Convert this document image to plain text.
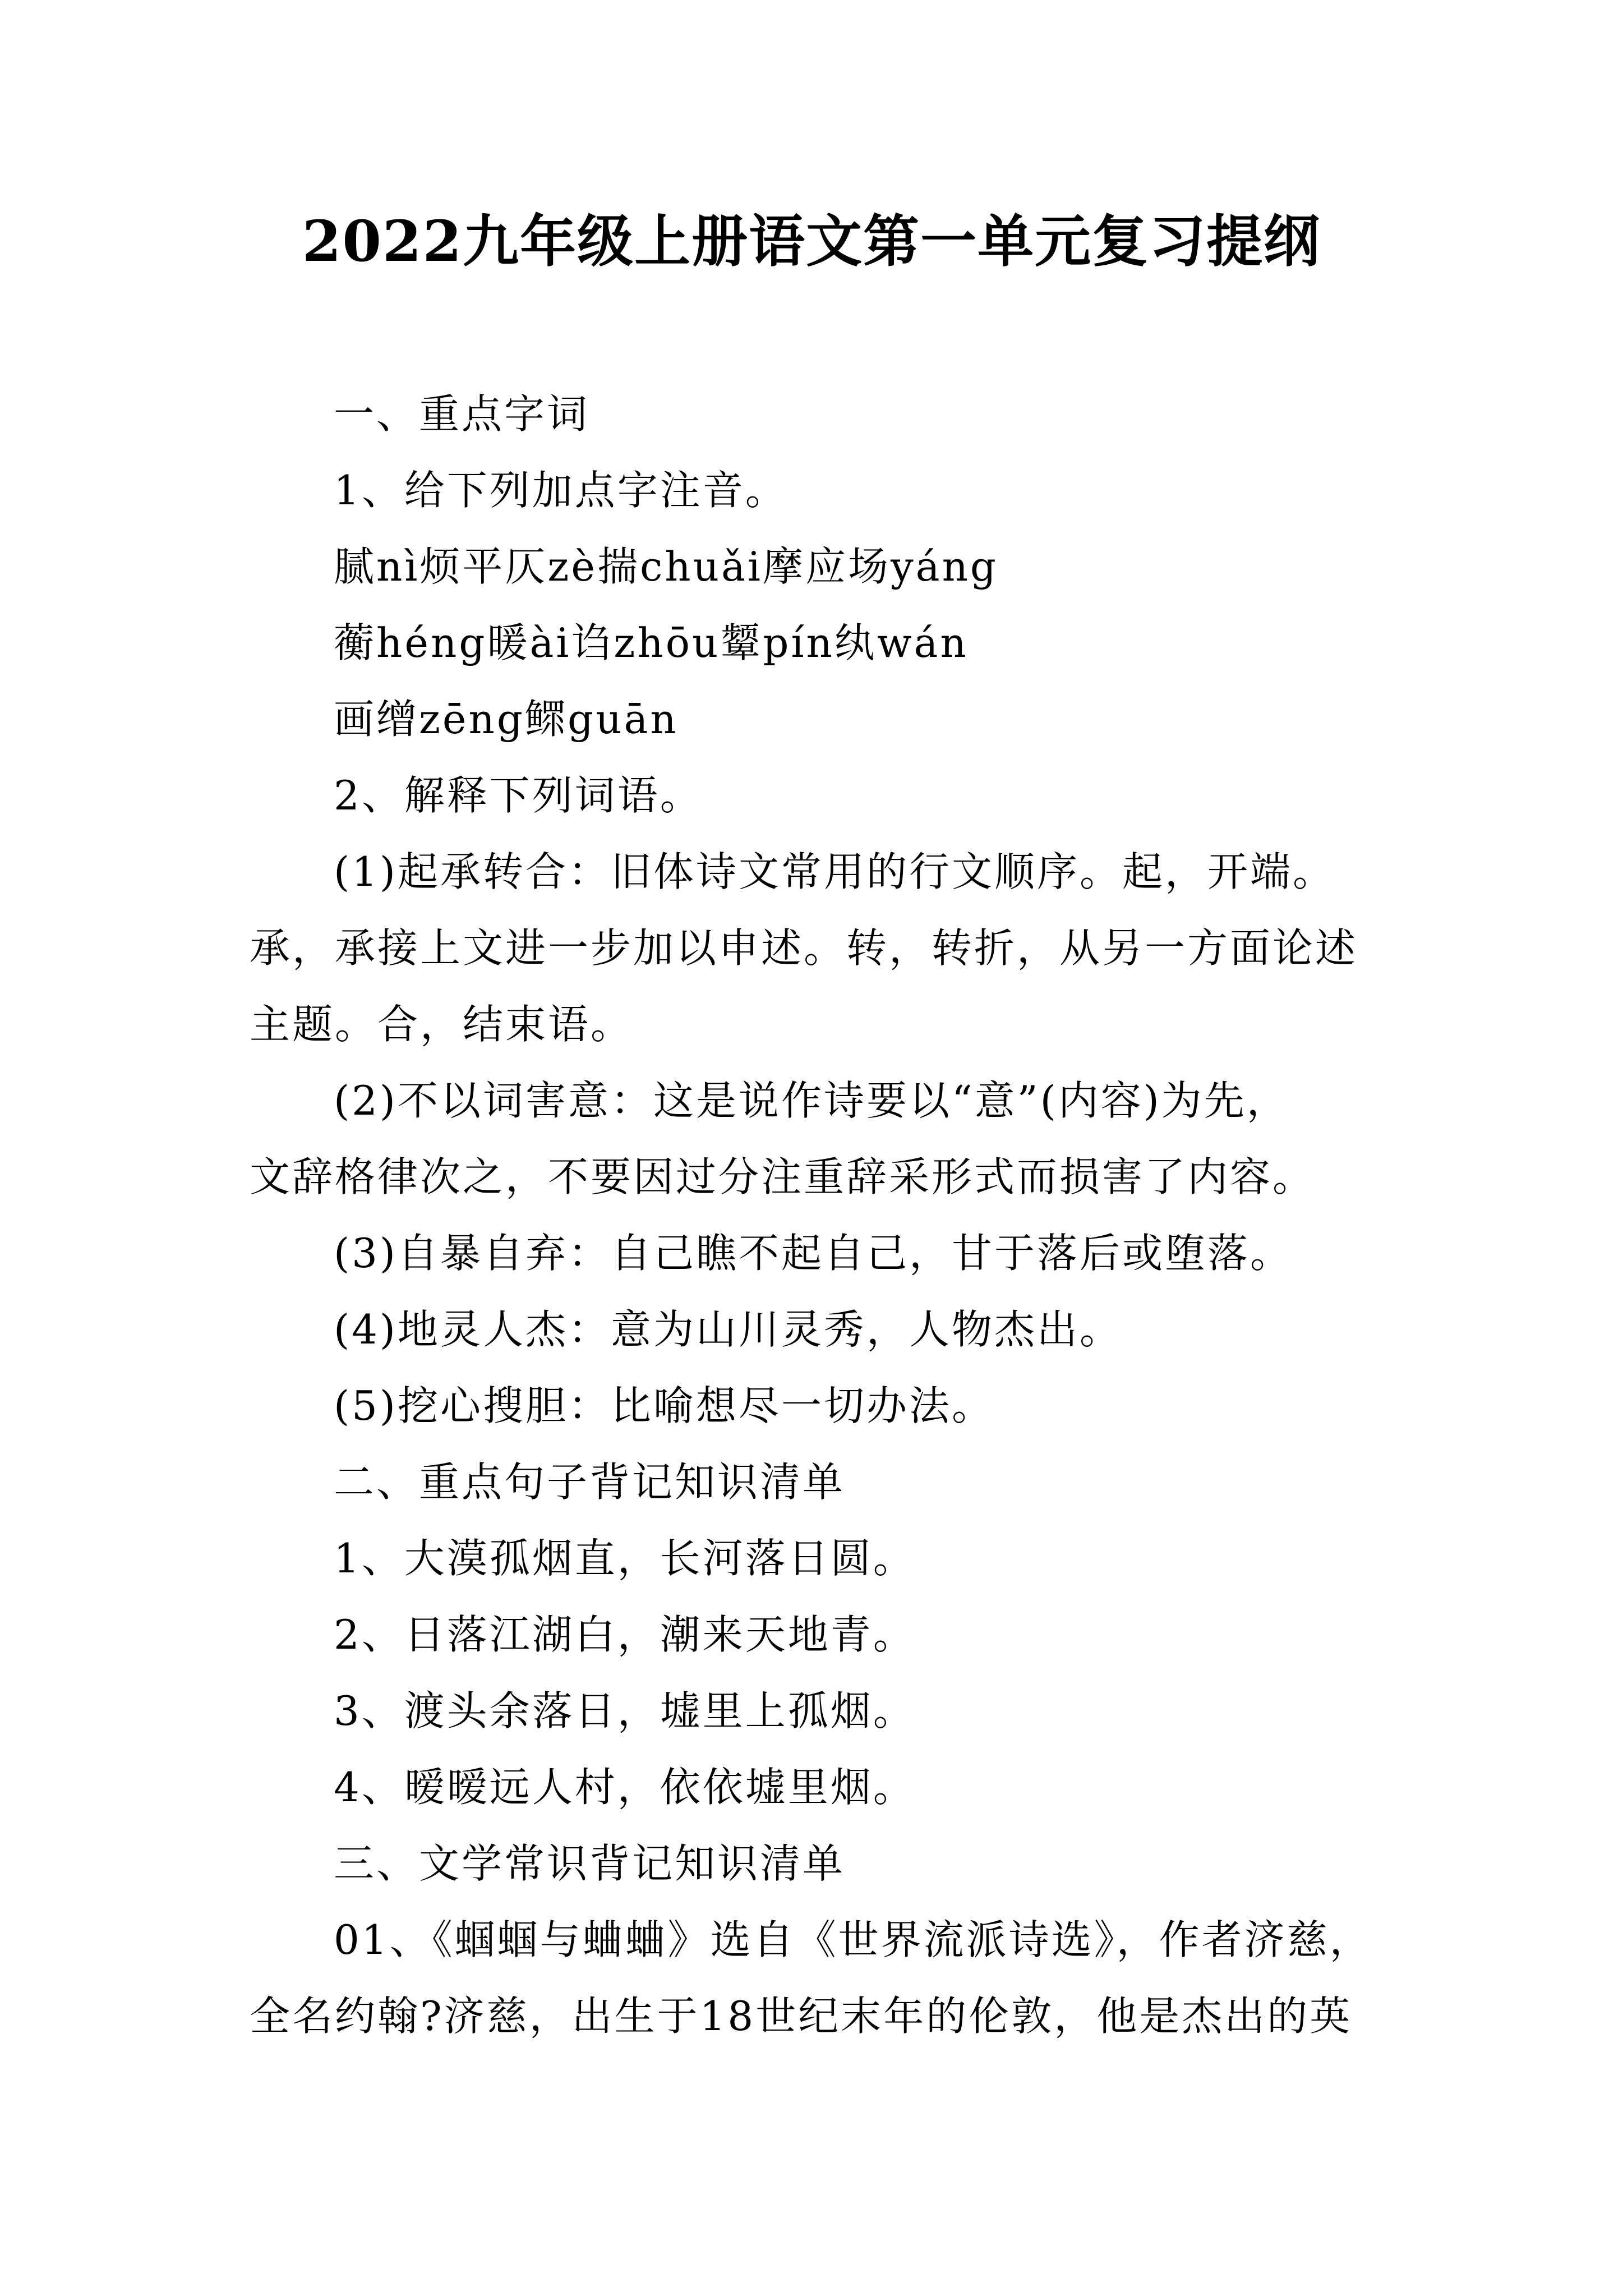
2022九年级上册语文第一单元复习提纲
一、重点字词
1、给下列加点字注音。
腻nì烦平仄zè揣chuǎi摩应场yáng
蘅héng暖ài诌zhōu颦pín纨wán
画缯zēng鳏guān
2、解释下列词语。
(1)起承转合：旧体诗文常用的行文顺序。起，开端。
承，承接上文进一步加以申述。转，转折，从另一方面论述
主题。合，结束语。
(2)不以词害意：这是说作诗要以“意”(内容)为先，
文辞格律次之，不要因过分注重辞采形式而损害了内容。
(3)自暴自弃：自己瞧不起自己，甘于落后或堕落。
(4)地灵人杰：意为山川灵秀，人物杰出。
(5)挖心搜胆：比喻想尽一切办法。
二、重点句子背记知识清单
1、大漠孤烟直，长河落日圆。
2、日落江湖白，潮来天地青。
3、渡头余落日，墟里上孤烟。
4、暧暧远人村，依依墟里烟。
三、文学常识背记知识清单
01、《蝈蝈与蛐蛐》选自《世界流派诗选》，作者济慈，
全名约翰?济慈，出生于18世纪末年的伦敦，他是杰出的英
